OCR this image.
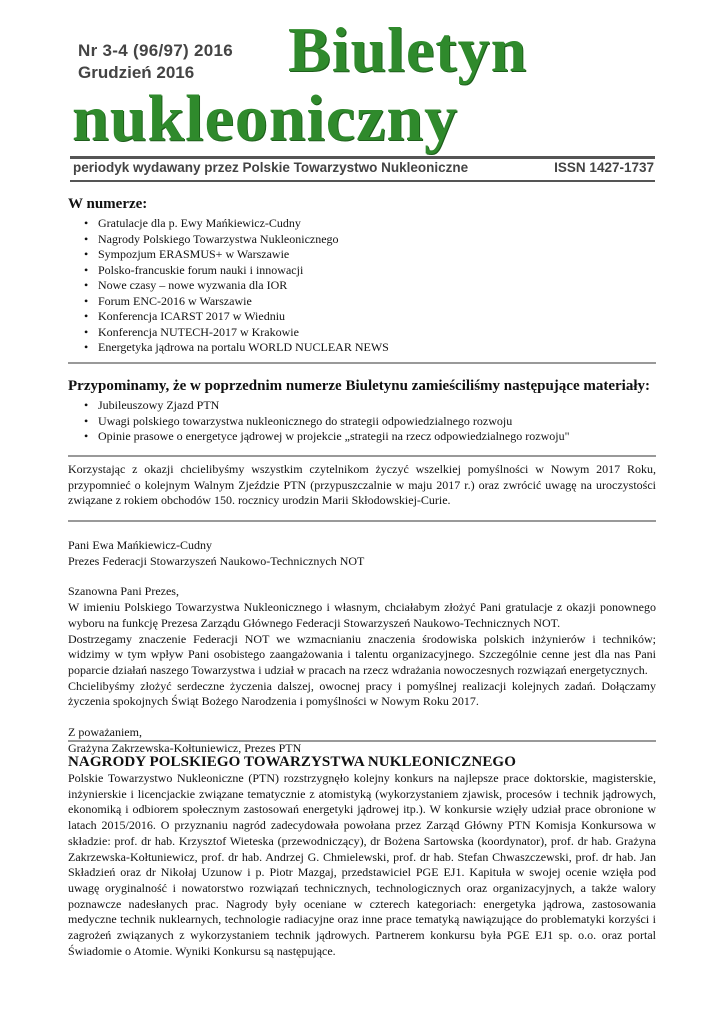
Nr 3-4 (96/97) 2016
Grudzień 2016 Biuletyn
nukleoniczny
periodyk wydawany przez Polskie Towarzystwo Nukleoniczne	ISSN 1427-1737

W numerze:

• Gratulacje dla p. Ewy Mańkiewicz-Cudny
• Nagrody Polskiego Towarzystwa Nukleonicznego
• Sympozjum ERASMUS+ w Warszawie
• Polsko-francuskie forum nauki i innowacji
• Nowe czasy – nowe wyzwania dla IOR
• Forum ENC-2016 w Warszawie
• Konferencja ICARST 2017 w Wiedniu
• Konferencja NUTECH-2017 w Krakowie
• Energetyka jądrowa na portalu WORLD NUCLEAR NEWS

Przypominamy, że w poprzednim numerze Biuletynu zamieściliśmy następujące materiały:

• Jubileuszowy Zjazd PTN
• Uwagi polskiego towarzystwa nukleonicznego do strategii odpowiedzialnego rozwoju
• Opinie prasowe o energetyce jądrowej w projekcie „strategii na rzecz odpowiedzialnego rozwoju"

Korzystając z okazji chcielibyśmy wszystkim czytelnikom życzyć wszelkiej pomyślności w Nowym 2017 Roku, przypomnieć o kolejnym Walnym Zjeździe PTN (przypuszczalnie w maju 2017 r.) oraz zwrócić uwagę na uroczystości związane z rokiem obchodów 150. rocznicy urodzin Marii Skłodowskiej-Curie.

Pani Ewa Mańkiewicz-Cudny

Prezes Federacji Stowarzyszeń Naukowo-Technicznych NOT

Szanowna Pani Prezes,

W imieniu Polskiego Towarzystwa Nukleonicznego i własnym, chciałabym złożyć Pani gratulacje z okazji ponownego wyboru na funkcję Prezesa Zarządu Głównego Federacji Stowarzyszeń Naukowo-Technicznych NOT.

Dostrzegamy znaczenie Federacji NOT we wzmacnianiu znaczenia środowiska polskich inżynierów i techników; widzimy w tym wpływ Pani osobistego zaangażowania i talentu organizacyjnego. Szczególnie cenne jest dla nas Pani poparcie działań naszego Towarzystwa i udział w pracach na rzecz wdrażania nowoczesnych rozwiązań energetycznych.

Chcielibyśmy złożyć serdeczne życzenia dalszej, owocnej pracy i pomyślnej realizacji kolejnych zadań. Dołączamy życzenia spokojnych Świąt Bożego Narodzenia i pomyślności w Nowym Roku 2017.

Z poważaniem,

Grażyna Zakrzewska-Kołtuniewicz, Prezes PTN

NAGRODY POLSKIEGO TOWARZYSTWA NUKLEONICZNEGO

Polskie Towarzystwo Nukleoniczne (PTN) rozstrzygnęło kolejny konkurs na najlepsze prace doktorskie, magisterskie, inżynierskie i licencjackie związane tematycznie z atomistyką (wykorzystaniem zjawisk, procesów i technik jądrowych, ekonomiką i odbiorem społecznym zastosowań energetyki jądrowej itp.). W konkursie wzięły udział prace obronione w latach 2015/2016. O przyznaniu nagród zadecydowała powołana przez Zarząd Główny PTN Komisja Konkursowa w składzie: prof. dr hab. Krzysztof Wieteska (przewodniczący), dr Bożena Sartowska (koordynator), prof. dr hab. Grażyna Zakrzewska-Kołtuniewicz, prof. dr hab. Andrzej G. Chmielewski, prof. dr hab. Stefan Chwaszczewski, prof. dr hab. Jan Składzień oraz dr Nikołaj Uzunow i p. Piotr Mazgaj, przedstawiciel PGE EJ1. Kapituła w swojej ocenie wzięła pod uwagę oryginalność i nowatorstwo rozwiązań technicznych, technologicznych oraz organizacyjnych, a także walory poznawcze nadesłanych prac. Nagrody były oceniane w czterech kategoriach: energetyka jądrowa, zastosowania medyczne technik nuklearnych, technologie radiacyjne oraz inne prace tematyką nawiązujące do problematyki korzyści i zagrożeń związanych z wykorzystaniem technik jądrowych. Partnerem konkursu była PGE EJ1 sp. o.o. oraz portal Świadomie o Atomie. Wyniki Konkursu są następujące.
